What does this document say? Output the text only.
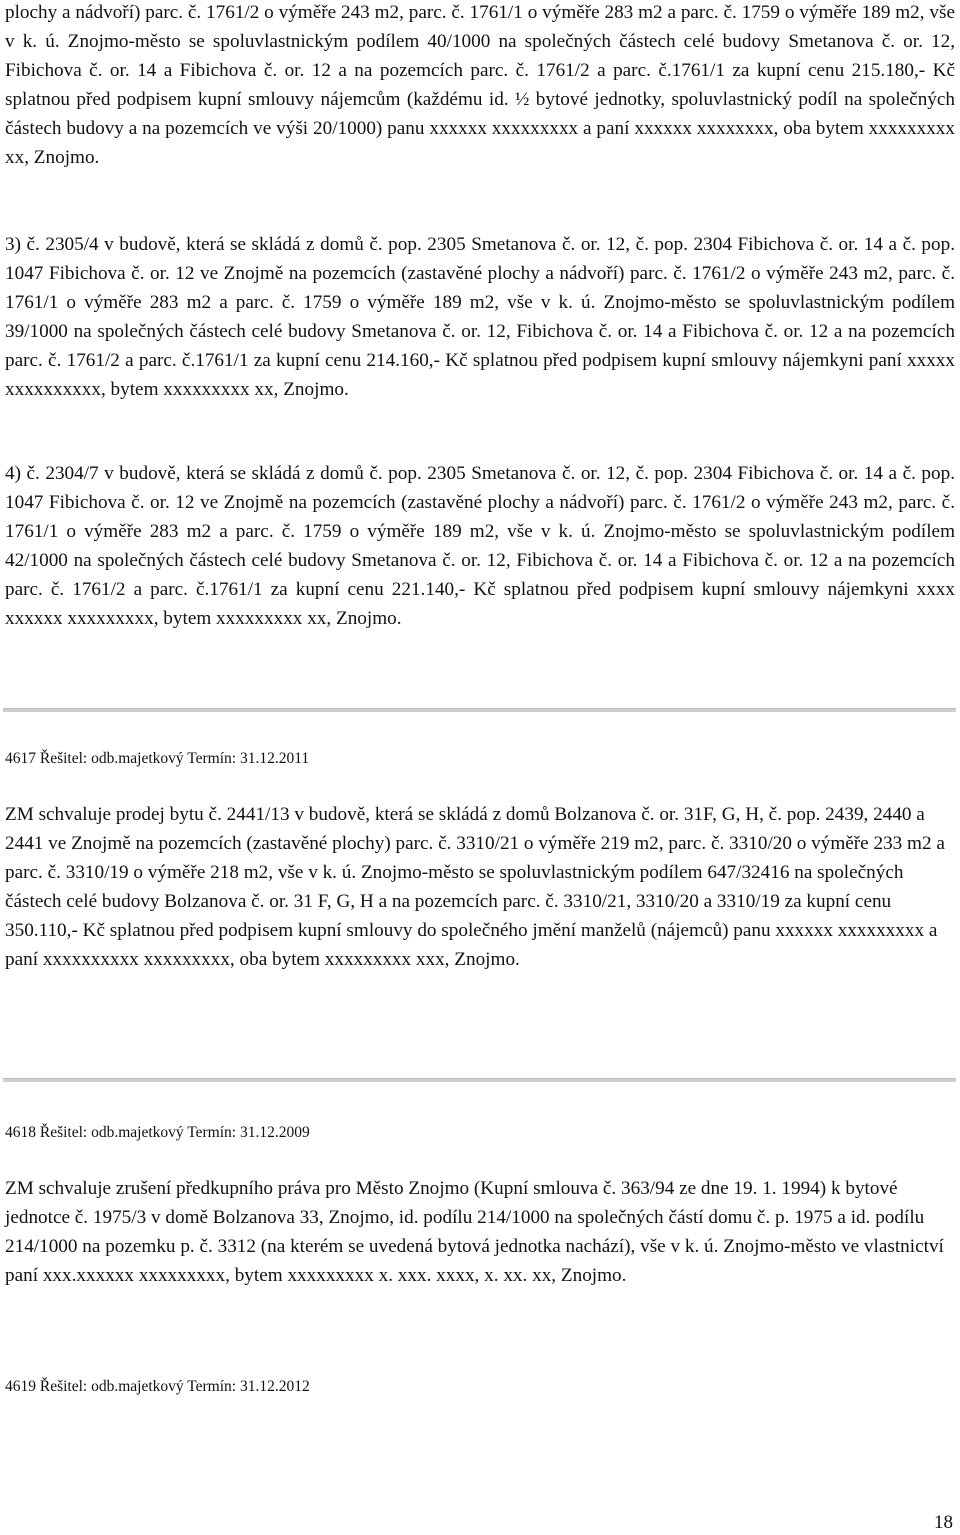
plochy a nádvoří) parc. č. 1761/2 o výměře 243 m2, parc. č. 1761/1 o výměře 283 m2 a parc. č. 1759 o výměře 189 m2, vše v k. ú. Znojmo-město se spoluvlastnickým podílem 40/1000 na společných částech celé budovy Smetanova č. or. 12, Fibichova č. or. 14 a Fibichova č. or. 12 a na pozemcích parc. č. 1761/2 a parc. č.1761/1 za kupní cenu 215.180,- Kč splatnou před podpisem kupní smlouvy nájemcům (každému id. ½ bytové jednotky, spoluvlastnický podíl na společných částech budovy a na pozemcích ve výši 20/1000) panu xxxxxx xxxxxxxxx a paní xxxxxx xxxxxxxx, oba bytem xxxxxxxxx xx, Znojmo.

3) č. 2305/4 v budově, která se skládá z domů č. pop. 2305 Smetanova č. or. 12, č. pop. 2304 Fibichova č. or. 14 a č. pop. 1047 Fibichova č. or. 12 ve Znojmě na pozemcích (zastavěné plochy a nádvoří) parc. č. 1761/2 o výměře 243 m2, parc. č. 1761/1 o výměře 283 m2 a parc. č. 1759 o výměře 189 m2, vše v k. ú. Znojmo-město se spoluvlastnickým podílem 39/1000 na společných částech celé budovy Smetanova č. or. 12, Fibichova č. or. 14 a Fibichova č. or. 12 a na pozemcích parc. č. 1761/2 a parc. č.1761/1 za kupní cenu 214.160,- Kč splatnou před podpisem kupní smlouvy nájemkyni paní xxxxx xxxxxxxxxx, bytem xxxxxxxxx xx, Znojmo.

4) č. 2304/7 v budově, která se skládá z domů č. pop. 2305 Smetanova č. or. 12, č. pop. 2304 Fibichova č. or. 14 a č. pop. 1047 Fibichova č. or. 12 ve Znojmě na pozemcích (zastavěné plochy a nádvoří) parc. č. 1761/2 o výměře 243 m2, parc. č. 1761/1 o výměře 283 m2 a parc. č. 1759 o výměře 189 m2, vše v k. ú. Znojmo-město se spoluvlastnickým podílem 42/1000 na společných částech celé budovy Smetanova č. or. 12, Fibichova č. or. 14 a Fibichova č. or. 12 a na pozemcích parc. č. 1761/2 a parc. č.1761/1 za kupní cenu 221.140,- Kč splatnou před podpisem kupní smlouvy nájemkyni xxxx xxxxxx xxxxxxxxx, bytem xxxxxxxxx xx, Znojmo.

4617 Řešitel: odb.majetkový Termín: 31.12.2011

ZM schvaluje prodej bytu č. 2441/13 v budově, která se skládá z domů Bolzanova č. or. 31F, G, H, č. pop. 2439, 2440 a 2441 ve Znojmě na pozemcích (zastavěné plochy) parc. č. 3310/21 o výměře 219 m2, parc. č. 3310/20 o výměře 233 m2 a parc. č. 3310/19 o výměře 218 m2, vše v k. ú. Znojmo-město se spoluvlastnickým podílem 647/32416 na společných částech celé budovy Bolzanova č. or. 31 F, G, H a na pozemcích parc. č. 3310/21, 3310/20 a 3310/19 za kupní cenu 350.110,- Kč splatnou před podpisem kupní smlouvy do společného jmění manželů (nájemců) panu xxxxxx xxxxxxxxx a paní xxxxxxxxxx xxxxxxxxx, oba bytem xxxxxxxxx xxx, Znojmo.

4618 Řešitel: odb.majetkový Termín: 31.12.2009

ZM schvaluje zrušení předkupního práva pro Město Znojmo (Kupní smlouva č. 363/94 ze dne 19. 1. 1994) k bytové jednotce č. 1975/3 v domě Bolzanova 33, Znojmo, id. podílu 214/1000 na společných částí domu č. p. 1975 a id. podílu 214/1000 na pozemku p. č. 3312 (na kterém se uvedená bytová jednotka nachází), vše v k. ú. Znojmo-město ve vlastnictví paní xxx.xxxxxx xxxxxxxxx, bytem xxxxxxxxx x. xxx. xxxx, x. xx. xx, Znojmo.

4619 Řešitel: odb.majetkový Termín: 31.12.2012

18
